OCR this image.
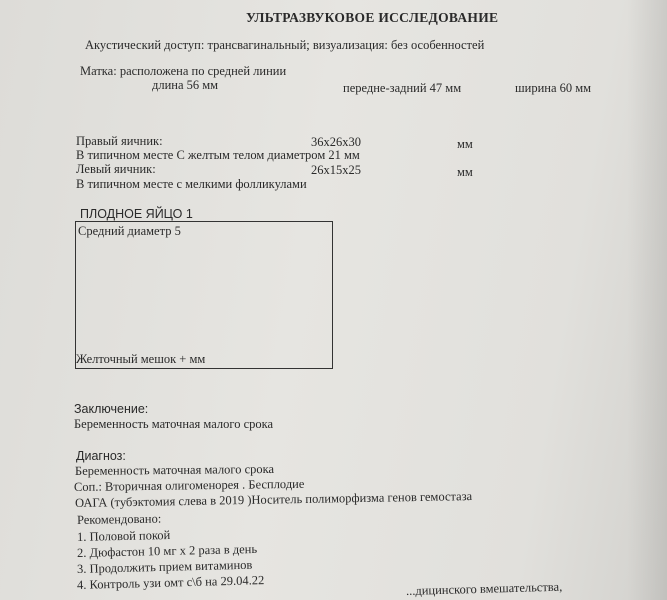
УЛЬТРАЗВУКОВОЕ ИССЛЕДОВАНИЕ
Акустический доступ: трансвагинальный; визуализация: без особенностей
Матка: расположена по средней линии
длина 56 мм	передне-задний 47 мм	ширина 60 мм
Правый яичник:	36х26х30	мм
В типичном месте С желтым телом диаметром 21 мм
Левый яичник:	26х15х25	мм
В типичном месте с мелкими фолликулами
ПЛОДНОЕ ЯЙЦО 1
Средний диаметр 5
Желточный мешок + мм
Заключение:
Беременность маточная малого срока
Диагноз:
Беременность маточная малого срока
Соп.: Вторичная олигоменорея . Бесплодие
ОАГА (тубэктомия слева в 2019 )Носитель полиморфизма генов гемостаза
Рекомендовано:
1. Половой покой
2. Дюфастон 10 мг х 2 раза в день
3. Продолжить прием витаминов
4. Контроль узи омт с\б на 29.04.22	...дицинского вмешательства,
